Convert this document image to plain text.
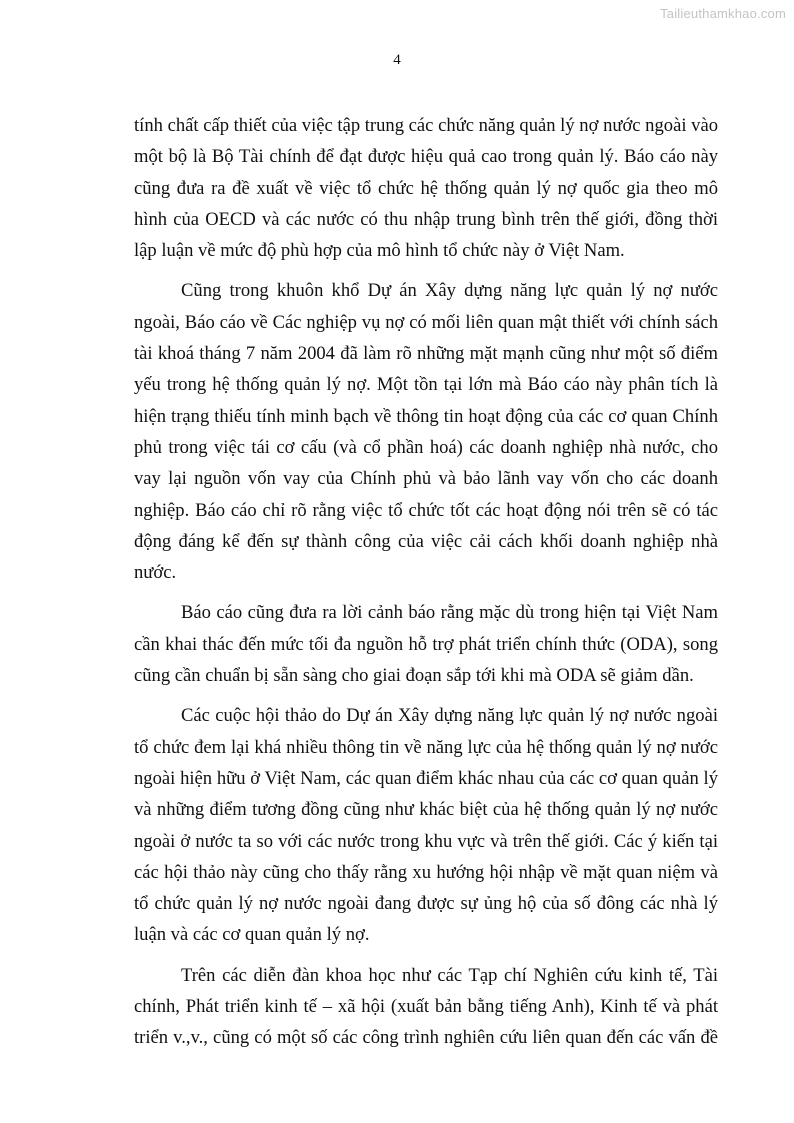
Tailieuthamkhao.com
4

tính chất cấp thiết của việc tập trung các chức năng quản lý nợ nước ngoài vào một bộ là Bộ Tài chính để đạt được hiệu quả cao trong quản lý. Báo cáo này cũng đưa ra đề xuất về việc tổ chức hệ thống quản lý nợ quốc gia theo mô hình của OECD và các nước có thu nhập trung bình trên thế giới, đồng thời lập luận về mức độ phù hợp của mô hình tổ chức này ở Việt Nam.

Cũng trong khuôn khổ Dự án Xây dựng năng lực quản lý nợ nước ngoài, Báo cáo về Các nghiệp vụ nợ có mối liên quan mật thiết với chính sách tài khoá tháng 7 năm 2004 đã làm rõ những mặt mạnh cũng như một số điểm yếu trong hệ thống quản lý nợ. Một tồn tại lớn mà Báo cáo này phân tích là hiện trạng thiếu tính minh bạch về thông tin hoạt động của các cơ quan Chính phủ trong việc tái cơ cấu (và cổ phần hoá) các doanh nghiệp nhà nước, cho vay lại nguồn vốn vay của Chính phủ và bảo lãnh vay vốn cho các doanh nghiệp. Báo cáo chỉ rõ rằng việc tổ chức tốt các hoạt động nói trên sẽ có tác động đáng kể đến sự thành công của việc cải cách khối doanh nghiệp nhà nước.

Báo cáo cũng đưa ra lời cảnh báo rằng mặc dù trong hiện tại Việt Nam cần khai thác đến mức tối đa nguồn hỗ trợ phát triển chính thức (ODA), song cũng cần chuẩn bị sẵn sàng cho giai đoạn sắp tới khi mà ODA sẽ giảm dần.

Các cuộc hội thảo do Dự án Xây dựng năng lực quản lý nợ nước ngoài tổ chức đem lại khá nhiều thông tin về năng lực của hệ thống quản lý nợ nước ngoài hiện hữu ở Việt Nam, các quan điểm khác nhau của các cơ quan quản lý và những điểm tương đồng cũng như khác biệt của hệ thống quản lý nợ nước ngoài ở nước ta so với các nước trong khu vực và trên thế giới. Các ý kiến tại các hội thảo này cũng cho thấy rằng xu hướng hội nhập về mặt quan niệm và tổ chức quản lý nợ nước ngoài đang được sự ủng hộ của số đông các nhà lý luận và các cơ quan quản lý nợ.

Trên các diễn đàn khoa học như các Tạp chí Nghiên cứu kinh tế, Tài chính, Phát triển kinh tế – xã hội (xuất bản bằng tiếng Anh), Kinh tế và phát triển v.,v., cũng có một số các công trình nghiên cứu liên quan đến các vấn đề
